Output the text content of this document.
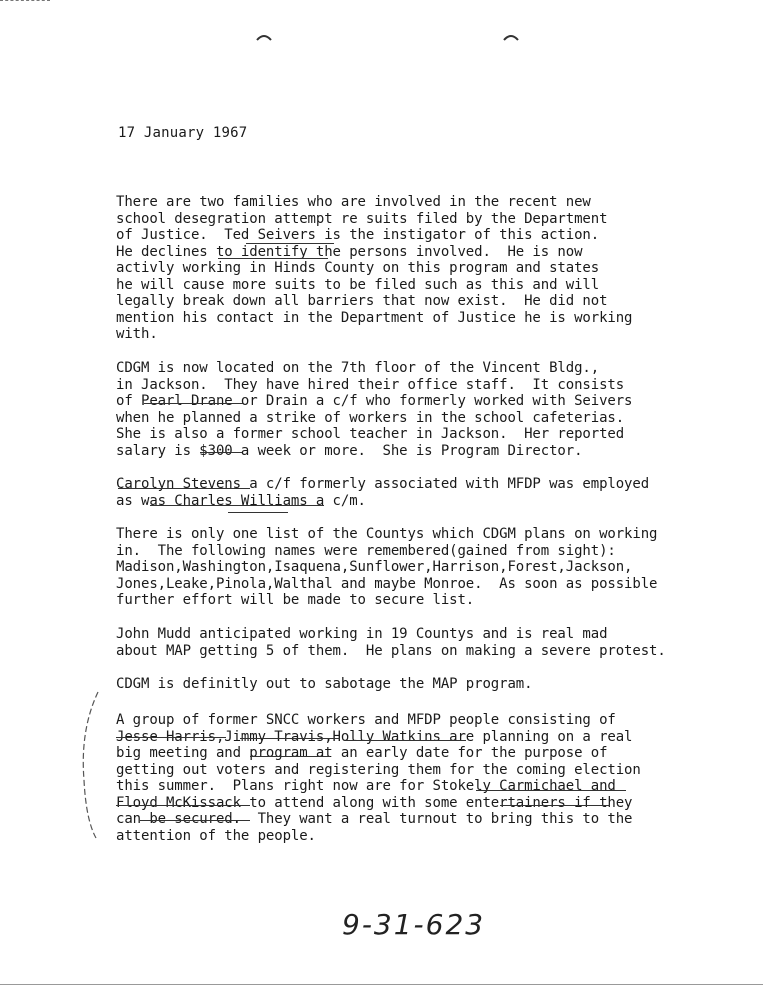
17 January 1967
There are two families who are involved in the recent new
school desegration attempt re suits filed by the Department
of Justice.  Ted Seivers is the instigator of this action.
He declines to identify the persons involved.  He is now
activly working in Hinds County on this program and states
he will cause more suits to be filed such as this and will
legally break down all barriers that now exist.  He did not
mention his contact in the Department of Justice he is working
with.
CDGM is now located on the 7th floor of the Vincent Bldg.,
in Jackson.  They have hired their office staff.  It consists
of Pearl Drane or Drain a c/f who formerly worked with Seivers
when he planned a strike of workers in the school cafeterias.
She is also a former school teacher in Jackson.  Her reported
salary is $300 a week or more.  She is Program Director.
Carolyn Stevens a c/f formerly associated with MFDP was employed
as was Charles Williams a c/m.
There is only one list of the Countys which CDGM plans on working
in.  The following names were remembered(gained from sight):
Madison,Washington,Isaquena,Sunflower,Harrison,Forest,Jackson,
Jones,Leake,Pinola,Walthal and maybe Monroe.  As soon as possible
further effort will be made to secure list.
John Mudd anticipated working in 19 Countys and is real mad
about MAP getting 5 of them.  He plans on making a severe protest.
CDGM is definitly out to sabotage the MAP program.
A group of former SNCC workers and MFDP people consisting of
Jesse Harris,Jimmy Travis,Holly Watkins are planning on a real
big meeting and program at an early date for the purpose of
getting out voters and registering them for the coming election
this summer.  Plans right now are for Stokely Carmichael and
Floyd McKissack to attend along with some entertainers if they
can be secured.  They want a real turnout to bring this to the
attention of the people.
9-31-623
